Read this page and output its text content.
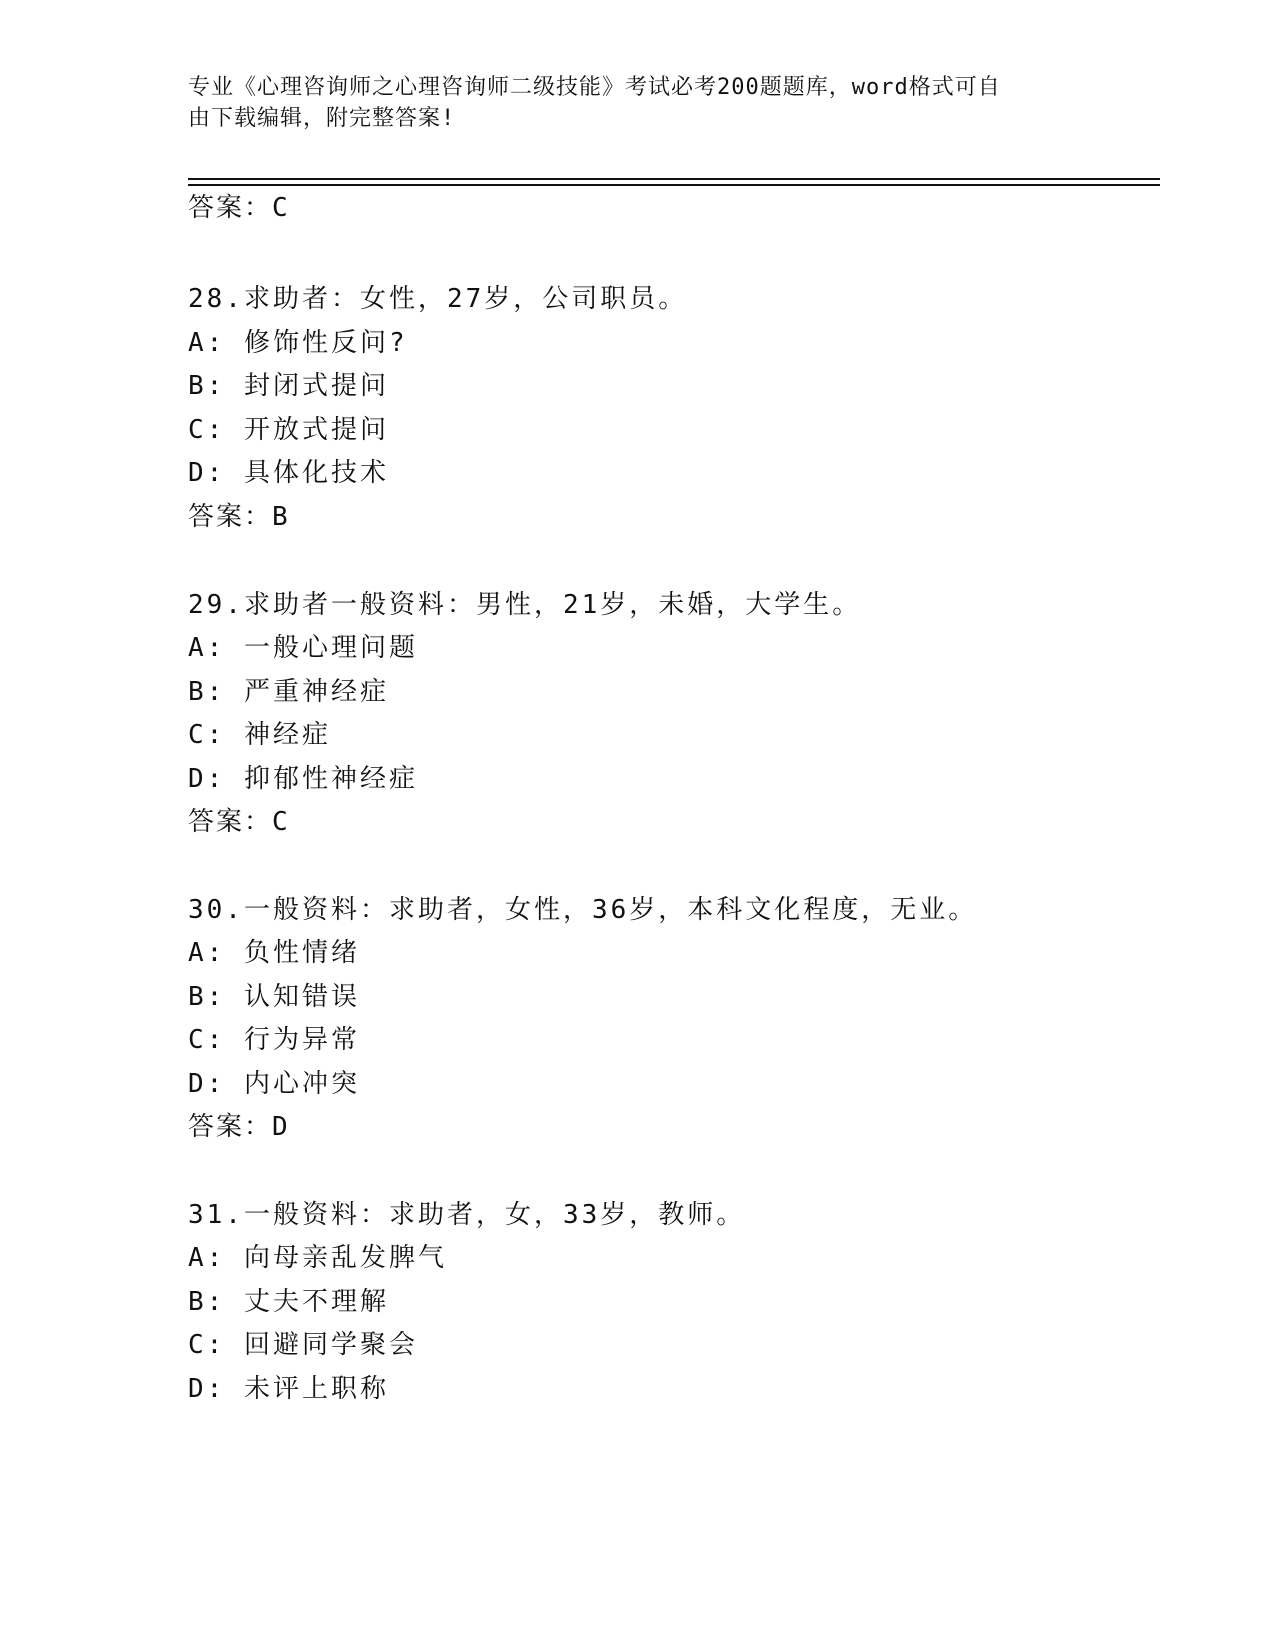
专业《心理咨询师之心理咨询师二级技能》考试必考200题题库，word格式可自
由下载编辑，附完整答案!
答案：C
28.求助者：女性，27岁，公司职员。
A: 修饰性反问?
B: 封闭式提问
C: 开放式提问
D: 具体化技术
答案：B
29.求助者一般资料：男性，21岁，未婚，大学生。
A: 一般心理问题
B: 严重神经症
C: 神经症
D: 抑郁性神经症
答案：C
30.一般资料：求助者，女性，36岁，本科文化程度，无业。
A: 负性情绪
B: 认知错误
C: 行为异常
D: 内心冲突
答案：D
31.一般资料：求助者，女，33岁，教师。
A: 向母亲乱发脾气
B: 丈夫不理解
C: 回避同学聚会
D: 未评上职称
